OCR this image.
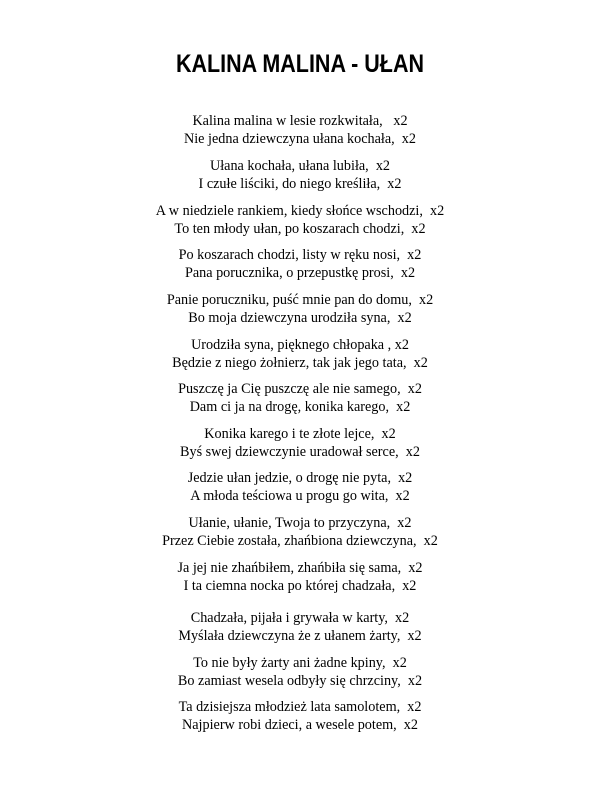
KALINA MALINA - UŁAN
Kalina malina w lesie rozkwitała,   x2
Nie jedna dziewczyna ułana kochała,  x2
Ułana kochała, ułana lubiła,  x2
I czułe liściki, do niego kreśliła,  x2
A w niedziele rankiem, kiedy słońce wschodzi,  x2
To ten młody ułan, po koszarach chodzi,  x2
Po koszarach chodzi, listy w ręku nosi,  x2
Pana porucznika, o przepustkę prosi,  x2
Panie poruczniku, puść mnie pan do domu,  x2
Bo moja dziewczyna urodziła syna,  x2
Urodziła syna, pięknego chłopaka , x2
Będzie z niego żołnierz, tak jak jego tata,  x2
Puszczę ja Cię puszczę ale nie samego,  x2
Dam ci ja na drogę, konika karego,  x2
Konika karego i te złote lejce,  x2
Byś swej dziewczynie uradował serce,  x2
Jedzie ułan jedzie, o drogę nie pyta,  x2
A młoda teściowa u progu go wita,  x2
Ułanie, ułanie, Twoja to przyczyna,  x2
Przez Ciebie została, zhańbiona dziewczyna,  x2
Ja jej nie zhańbiłem, zhańbiła się sama,  x2
I ta ciemna nocka po której chadzała,  x2
Chadzała, pijała i grywała w karty,  x2
Myślała dziewczyna że z ułanem żarty,  x2
To nie były żarty ani żadne kpiny,  x2
Bo zamiast wesela odbyły się chrzciny,  x2
Ta dzisiejsza młodzież lata samolotem,  x2
Najpierw robi dzieci, a wesele potem,  x2
